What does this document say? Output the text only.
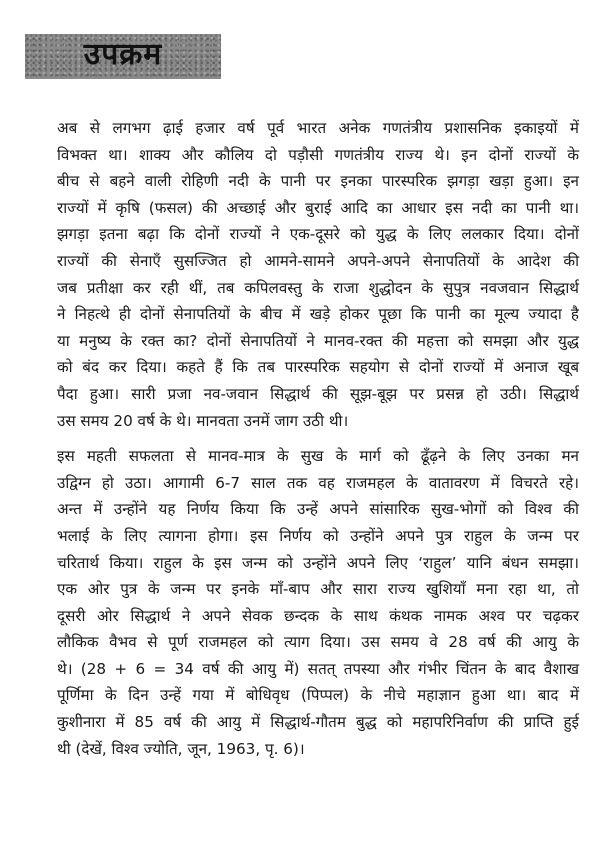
उपक्रम

अब से लगभग ढ़ाई हजार वर्ष पूर्व भारत अनेक गणतंत्रीय प्रशासनिक इकाइयों में
विभक्त था। शाक्य और कौलिय दो पड़ौसी गणतंत्रीय राज्य थे। इन दोनों राज्यों के
बीच से बहने वाली रोहिणी नदी के पानी पर इनका पारस्परिक झगड़ा खड़ा हुआ। इन
राज्यों में कृषि (फसल) की अच्छाई और बुराई आदि का आधार इस नदी का पानी था।
झगड़ा इतना बढ़ा कि दोनों राज्यों ने एक-दूसरे को युद्ध के लिए ललकार दिया। दोनों
राज्यों की सेनाएँ सुसज्जित हो आमने-सामने अपने-अपने सेनापतियों के आदेश की
जब प्रतीक्षा कर रही थीं, तब कपिलवस्तु के राजा शुद्धोदन के सुपुत्र नवजवान सिद्धार्थ
ने निहत्थे ही दोनों सेनापतियों के बीच में खड़े होकर पूछा कि पानी का मूल्य ज्यादा है
या मनुष्य के रक्त का? दोनों सेनापतियों ने मानव-रक्त की महत्ता को समझा और युद्ध
को बंद कर दिया। कहते हैं कि तब पारस्परिक सहयोग से दोनों राज्यों में अनाज खूब
पैदा हुआ। सारी प्रजा नव-जवान सिद्धार्थ की सूझ-बूझ पर प्रसन्न हो उठी। सिद्धार्थ
उस समय 20 वर्ष के थे। मानवता उनमें जाग उठी थी।

इस महती सफलता से मानव-मात्र के सुख के मार्ग को ढूँढ़ने के लिए उनका मन
उद्विग्न हो उठा। आगामी 6-7 साल तक वह राजमहल के वातावरण में विचरते रहे।
अन्त में उन्होंने यह निर्णय किया कि उन्हें अपने सांसारिक सुख-भोगों को विश्व की
भलाई के लिए त्यागना होगा। इस निर्णय को उन्होंने अपने पुत्र राहुल के जन्म पर
चरितार्थ किया। राहुल के इस जन्म को उन्होंने अपने लिए ‘राहुल’ यानि बंधन समझा।
एक ओर पुत्र के जन्म पर इनके माँ-बाप और सारा राज्य खुशियाँ मना रहा था, तो
दूसरी ओर सिद्धार्थ ने अपने सेवक छन्दक के साथ कंथक नामक अश्व पर चढ़कर
लौकिक वैभव से पूर्ण राजमहल को त्याग दिया। उस समय वे 28 वर्ष की आयु के
थे। (28 + 6 = 34 वर्ष की आयु में) सतत् तपस्या और गंभीर चिंतन के बाद वैशाख
पूर्णिमा के दिन उन्हें गया में बोधिवृध (पिप्पल) के नीचे महाज्ञान हुआ था। बाद में
कुशीनारा में 85 वर्ष की आयु में सिद्धार्थ-गौतम बुद्ध को महापरिनिर्वाण की प्राप्ति हुई
थी (देखें, विश्व ज्योति, जून, 1963, पृ. 6)।
